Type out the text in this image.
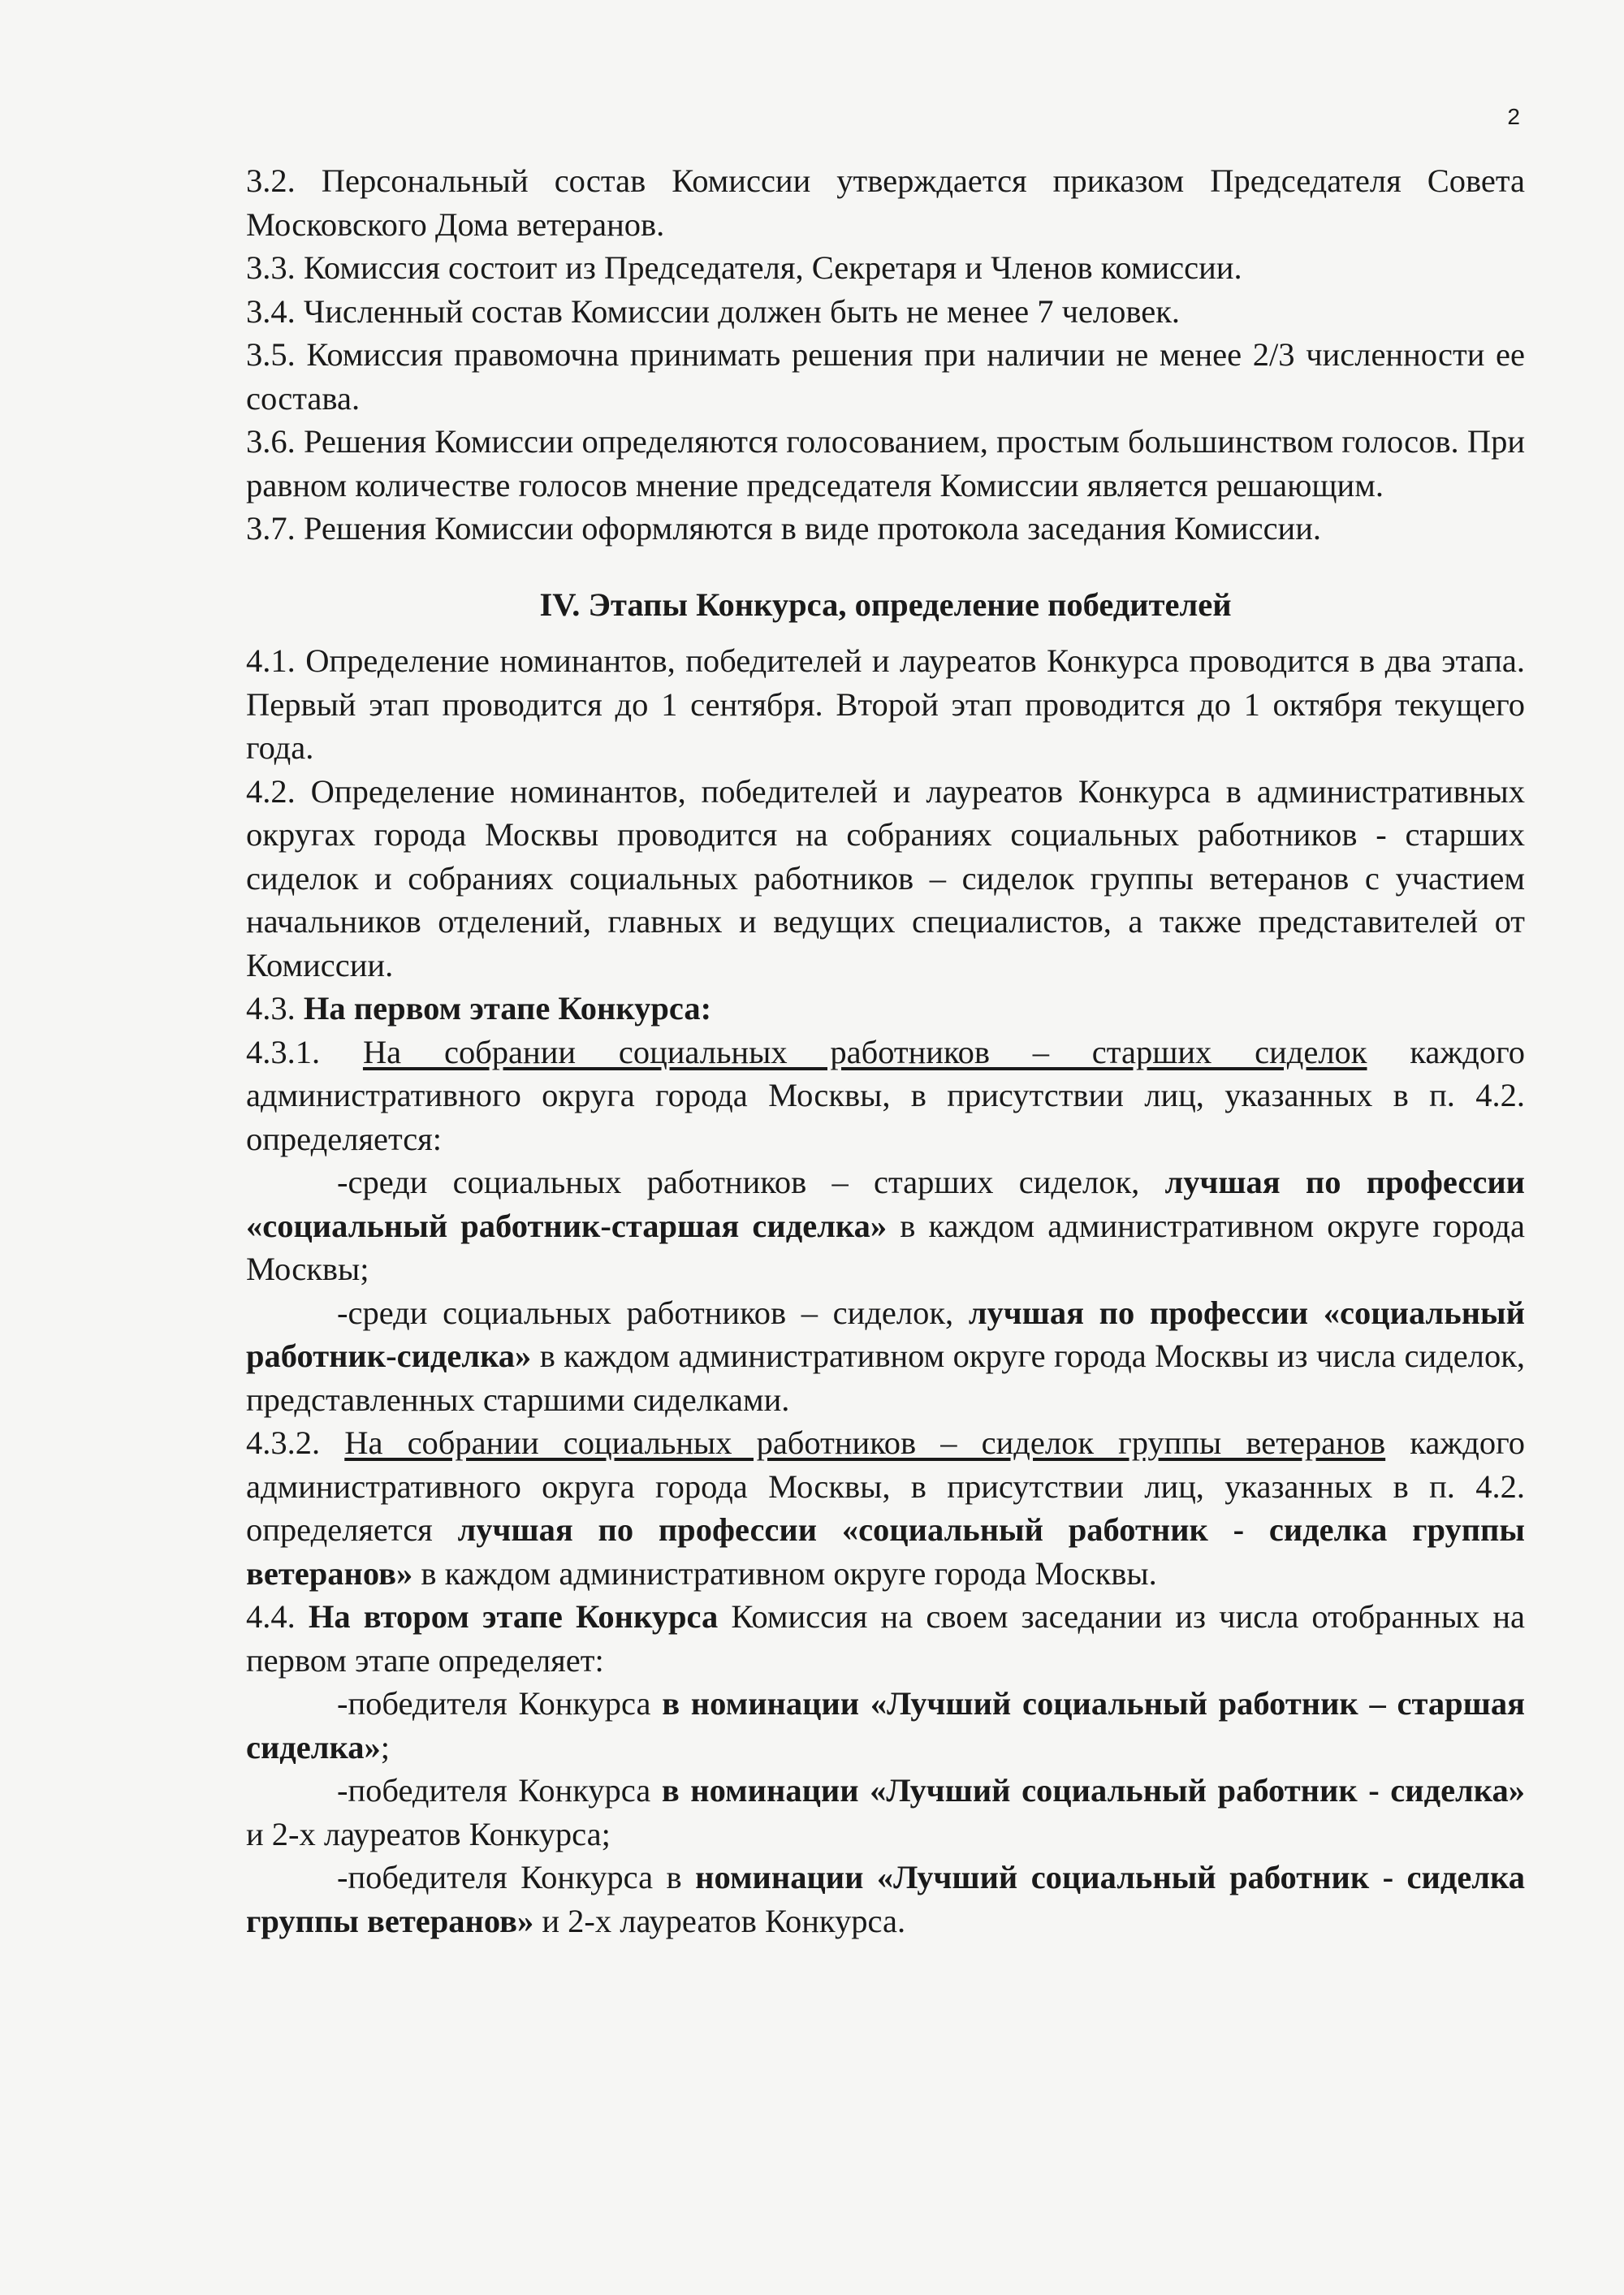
2

3.2. Персональный состав Комиссии утверждается приказом Председателя Совета Московского Дома ветеранов.

3.3. Комиссия состоит из Председателя, Секретаря и Членов комиссии.

3.4. Численный состав Комиссии должен быть не менее 7 человек.

3.5. Комиссия правомочна принимать решения при наличии не менее 2/3 численности ее состава.

3.6. Решения Комиссии определяются голосованием, простым большинством голосов. При равном количестве голосов мнение председателя Комиссии является решающим.

3.7. Решения Комиссии оформляются в виде протокола заседания Комиссии.

IV. Этапы Конкурса, определение победителей

4.1. Определение номинантов, победителей и лауреатов Конкурса проводится в два этапа. Первый этап проводится до 1 сентября. Второй этап проводится до 1 октября текущего года.

4.2. Определение номинантов, победителей и лауреатов Конкурса в административных округах города Москвы проводится на собраниях социальных работников - старших сиделок и собраниях социальных работников – сиделок группы ветеранов с участием начальников отделений, главных и ведущих специалистов, а также представителей от Комиссии.

4.3. На первом этапе Конкурса:

4.3.1. На собрании социальных работников – старших сиделок каждого административного округа города Москвы, в присутствии лиц, указанных в п. 4.2. определяется:

-среди социальных работников – старших сиделок, лучшая по профессии «социальный работник-старшая сиделка» в каждом административном округе города Москвы;

-среди социальных работников – сиделок, лучшая по профессии «социальный работник-сиделка» в каждом административном округе города Москвы из числа сиделок, представленных старшими сиделками.

4.3.2. На собрании социальных работников – сиделок группы ветеранов каждого административного округа города Москвы, в присутствии лиц, указанных в п. 4.2. определяется лучшая по профессии «социальный работник - сиделка группы ветеранов» в каждом административном округе города Москвы.

4.4. На втором этапе Конкурса Комиссия на своем заседании из числа отобранных на первом этапе определяет:

-победителя Конкурса в номинации «Лучший социальный работник – старшая сиделка»;

-победителя Конкурса в номинации «Лучший социальный работник - сиделка» и 2-х лауреатов Конкурса;

-победителя Конкурса в номинации «Лучший социальный работник - сиделка группы ветеранов» и 2-х лауреатов Конкурса.
